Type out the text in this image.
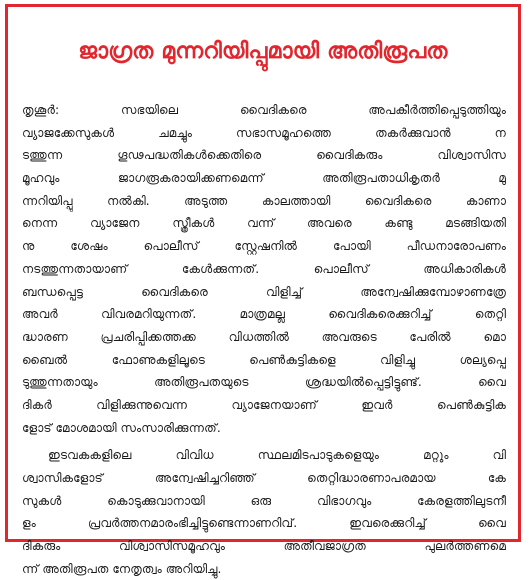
ജാഗ്രത മുന്നറിയിപ്പുമായി അതിരൂപത
തൃശൂർ: സഭയിലെ വൈദികരെ അപകീർത്തിപ്പെടുത്തിയും
വ്യാജക്കേസുകൾ ചമച്ചും സഭാസമൂഹത്തെ തകർക്കുവാൻ ന
ടത്തുന്ന ഗൂഢപദ്ധതികൾക്കെതിരെ വൈദികരും വിശ്വാസിസ
മൂഹവും ജാഗരൂകരായിക്കണമെന്ന് അതിരൂപതാധികൃതർ മു
ന്നറിയിപ്പു നൽകി. അടുത്ത കാലത്തായി വൈദികരെ കാണാ
നെന്ന വ്യാജേന സ്ത്രീകൾ വന്ന് അവരെ കണ്ടു മടങ്ങിയതി
നു ശേഷം പൊലീസ് സ്റ്റേഷനിൽ പോയി പീഡനാരോപണം
നടത്തുന്നതായാണ് കേൾക്കുന്നത്. പൊലീസ് അധികാരികൾ
ബന്ധപ്പെട്ട വൈദികരെ വിളിച്ച് അന്വേഷിക്കുമ്പോഴാണത്രേ
അവർ വിവരമറിയുന്നത്. മാത്രമല്ല വൈദികരെക്കുറിച്ച് തെറ്റി
ദ്ധാരണ പ്രചരിപ്പിക്കത്തക്ക വിധത്തിൽ അവരുടെ പേരിൽ മൊ
ബൈൽ ഫോണുകളിലൂടെ പെൺകുട്ടികളെ വിളിച്ചു ശല്യപ്പെ
ടുത്തുന്നതായും അതിരൂപതയുടെ ശ്രദ്ധയിൽപ്പെട്ടിട്ടുണ്ട്. വൈ
ദികർ വിളിക്കുന്നുവെന്ന വ്യാജേനയാണ് ഇവർ പെൺകുട്ടിക
ളോട് മോശമായി സംസാരിക്കുന്നത്.
ഇടവകകളിലെ വിവിധ സ്ഥലമിടപാടുകളെയും മറ്റും വി
ശ്വാസികളോട് അന്വേഷിച്ചറിഞ്ഞ് തെറ്റിദ്ധാരണാപരമായ കേ
സുകൾ കൊടുക്കുവാനായി ഒരു വിഭാഗവും കേരളത്തിലുടനീ
ളം പ്രവർത്തനമാരംഭിച്ചിട്ടുണ്ടെന്നാണറിവ്. ഇവരെക്കുറിച്ച് വൈ
ദികരും വിശ്വാസിസമൂഹവും അതീവജാഗ്രത പുലർത്തണമെ
ന്ന് അതിരൂപത നേതൃത്വം അറിയിച്ചു.
